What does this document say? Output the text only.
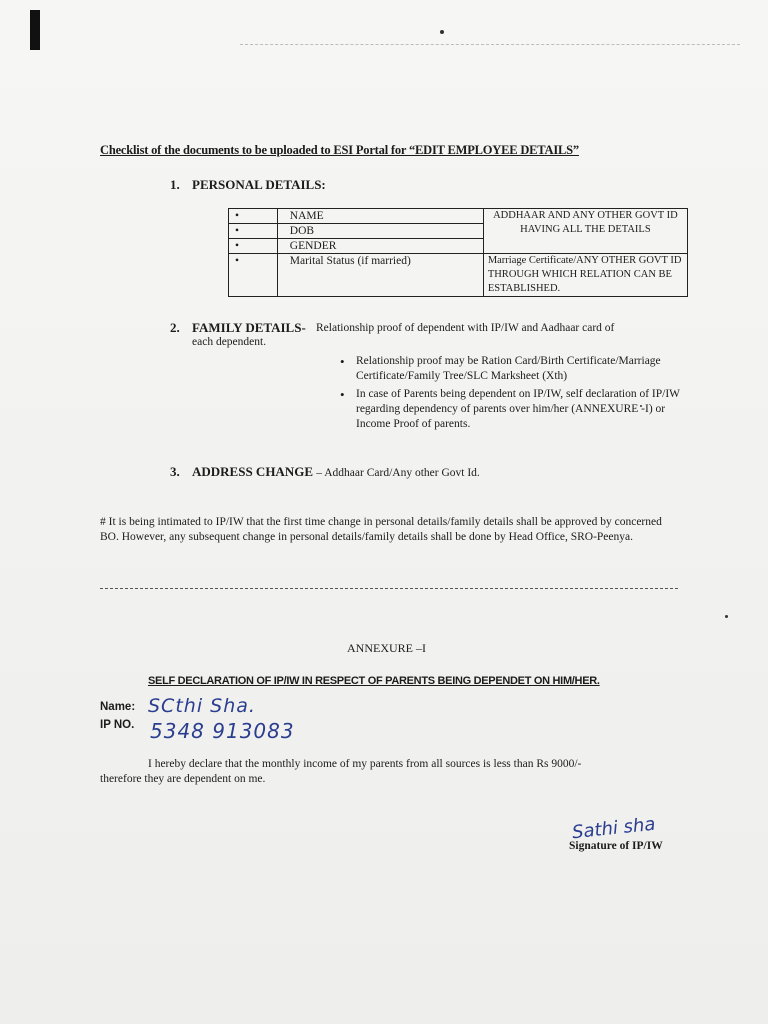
Checklist of the documents to be uploaded to ESI Portal for “EDIT EMPLOYEE DETAILS”
1. PERSONAL DETAILS:
•	NAME	ADDHAAR AND ANY OTHER GOVT ID HAVING ALL THE DETAILS
•	DOB	
•	GENDER	
•	Marital Status (if married)	Marriage Certificate/ANY OTHER GOVT ID THROUGH WHICH RELATION CAN BE ESTABLISHED.
2. FAMILY DETAILS- Relationship proof of dependent with IP/IW and Aadhaar card of
each dependent.
• Relationship proof may be Ration Card/Birth Certificate/Marriage Certificate/Family Tree/SLC Marksheet (Xth)
• In case of Parents being dependent on IP/IW, self declaration of IP/IW regarding dependency of parents over him/her (ANNEXURE -I) or Income Proof of parents.
3. ADDRESS CHANGE – Addhaar Card/Any other Govt Id.
# It is being intimated to IP/IW that the first time change in personal details/family details shall be approved by concerned BO. However, any subsequent change in personal details/family details shall be done by Head Office, SRO-Peenya.
ANNEXURE –I
SELF DECLARATION OF IP/IW IN RESPECT OF PARENTS BEING DEPENDET ON HIM/HER.
Name: SCthi Sha.
IP NO. 5348 913083
I hereby declare that the monthly income of my parents from all sources is less than Rs 9000/-
therefore they are dependent on me.
Sathi sha
Signature of IP/IW
